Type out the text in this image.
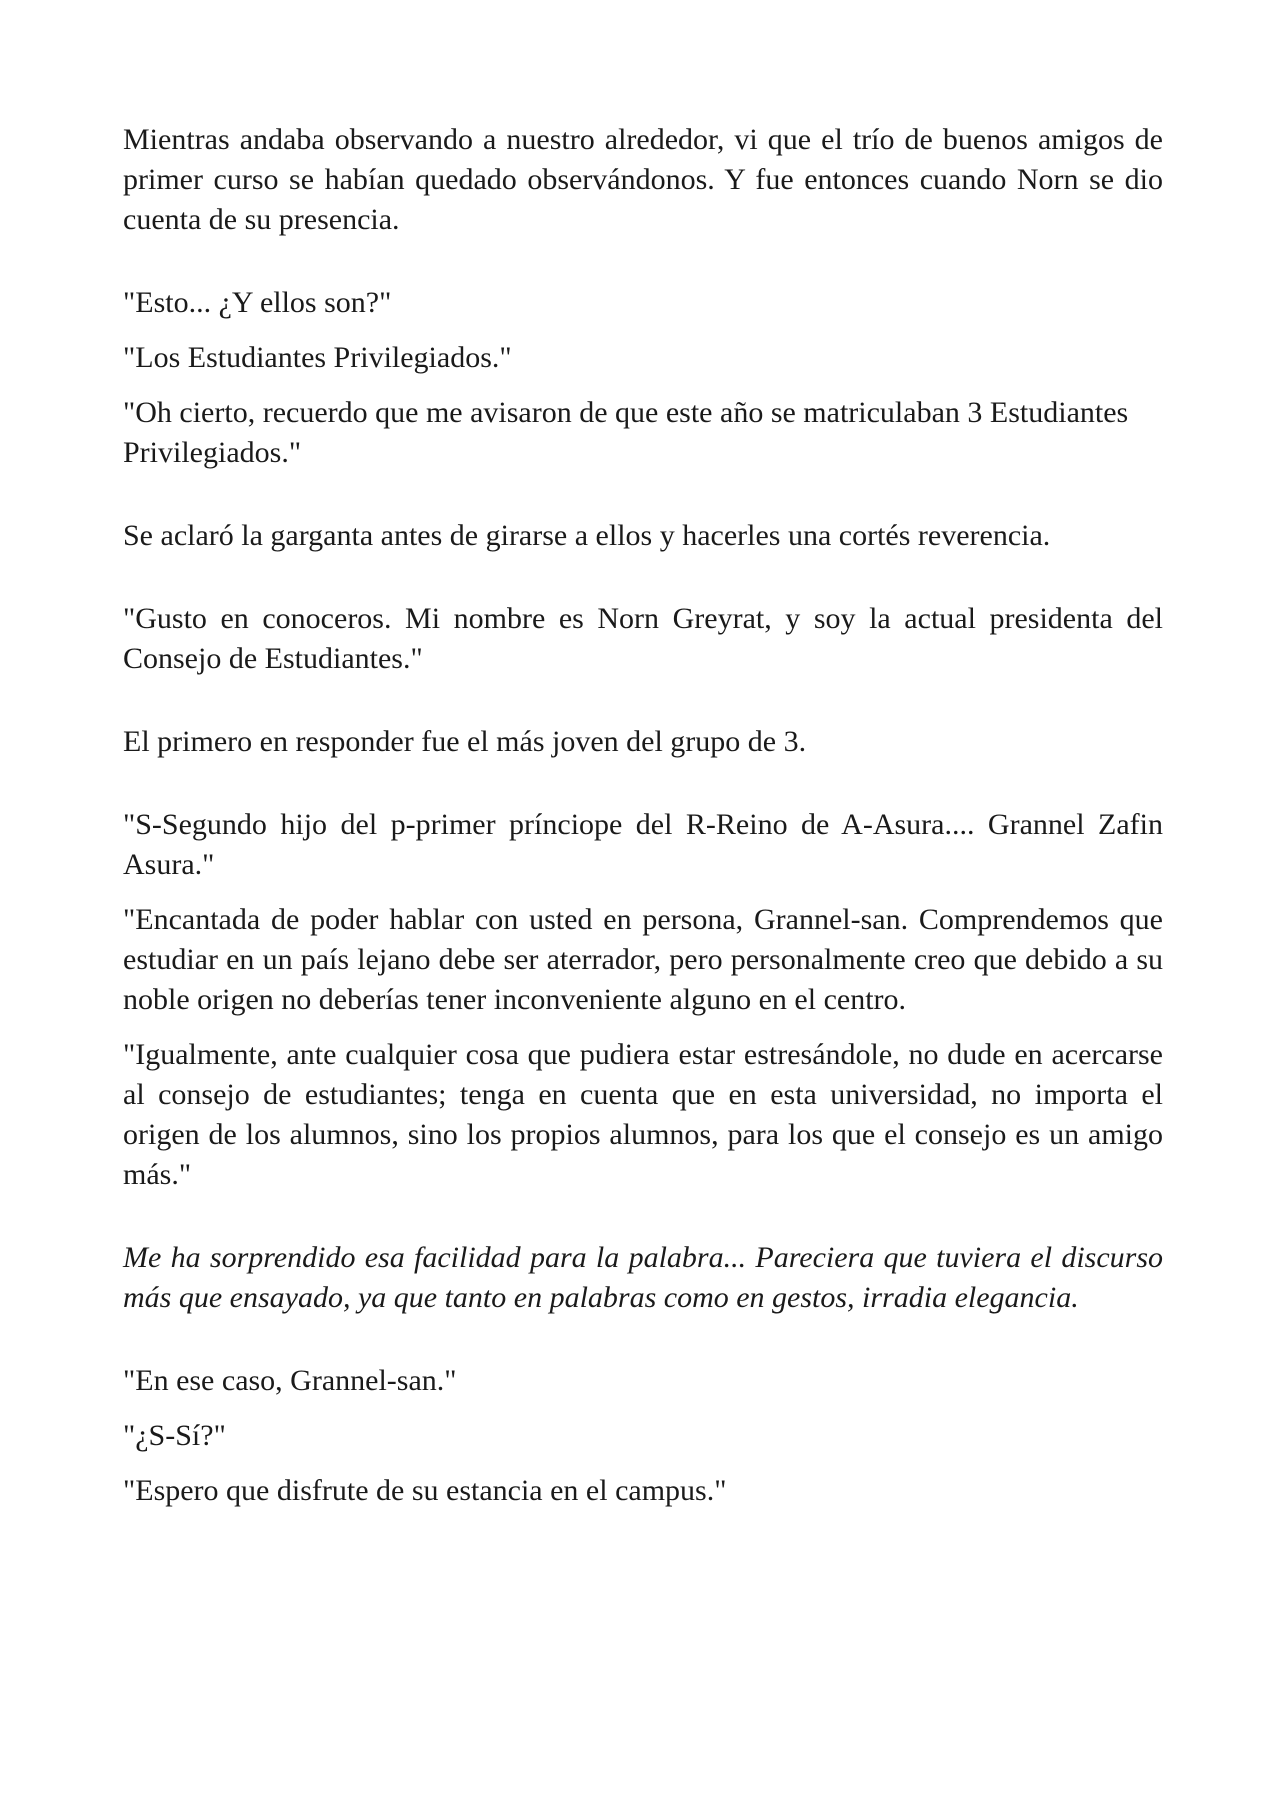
Mientras andaba observando a nuestro alrededor, vi que el trío de buenos amigos de primer curso se habían quedado observándonos. Y fue entonces cuando Norn se dio cuenta de su presencia.

"Esto... ¿Y ellos son?"

"Los Estudiantes Privilegiados."

"Oh cierto, recuerdo que me avisaron de que este año se matriculaban 3 Estudiantes Privilegiados."

Se aclaró la garganta antes de girarse a ellos y hacerles una cortés reverencia.

"Gusto en conoceros. Mi nombre es Norn Greyrat, y soy la actual presidenta del Consejo de Estudiantes."

El primero en responder fue el más joven del grupo de 3.

"S-Segundo hijo del p-primer prínciope del R-Reino de A-Asura.... Grannel Zafin Asura."

"Encantada de poder hablar con usted en persona, Grannel-san. Comprendemos que estudiar en un país lejano debe ser aterrador, pero personalmente creo que debido a su noble origen no deberías tener inconveniente alguno en el centro.

"Igualmente, ante cualquier cosa que pudiera estar estresándole, no dude en acercarse al consejo de estudiantes; tenga en cuenta que en esta universidad, no importa el origen de los alumnos, sino los propios alumnos, para los que el consejo es un amigo más."

Me ha sorprendido esa facilidad para la palabra... Pareciera que tuviera el discurso más que ensayado, ya que tanto en palabras como en gestos, irradia elegancia.

"En ese caso, Grannel-san."

"¿S-Sí?"

"Espero que disfrute de su estancia en el campus."
